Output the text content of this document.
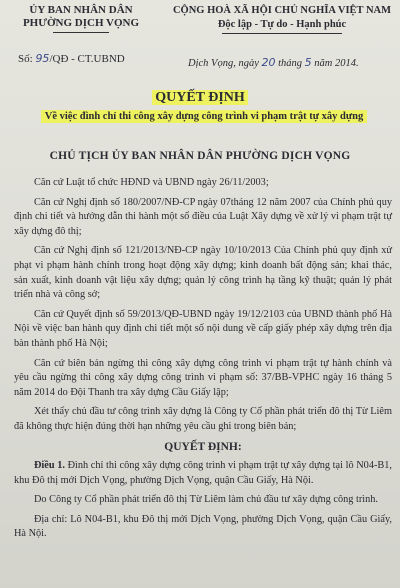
ỦY BAN NHÂN DÂN
PHƯỜNG DỊCH VỌNG
CỘNG HOÀ XÃ HỘI CHỦ NGHĨA VIỆT NAM
Độc lập - Tự do - Hạnh phúc
Số: 95/QĐ - CT.UBND	Dịch Vọng, ngày 20 tháng 5 năm 2014.
QUYẾT ĐỊNH
Về việc đình chỉ thi công xây dựng công trình vi phạm trật tự xây dựng
CHỦ TỊCH ỦY BAN NHÂN DÂN PHƯỜNG DỊCH VỌNG

Căn cứ Luật tổ chức HĐND và UBND ngày 26/11/2003;

Căn cứ Nghị định số 180/2007/NĐ-CP ngày 07tháng 12 năm 2007 của Chính phủ quy định chi tiết và hướng dẫn thi hành một số điều của Luật Xây dựng về xử lý vi phạm trật tự xây dựng đô thị;

Căn cứ Nghị định số 121/2013/NĐ-CP ngày 10/10/2013 Của Chính phủ quy định xử phạt vi phạm hành chính trong hoạt động xây dựng; kinh doanh bất động sản; khai thác, sản xuất, kinh doanh vật liệu xây dựng; quản lý công trình hạ tầng kỹ thuật; quản lý phát triển nhà và công sở;

Căn cứ Quyết định số 59/2013/QĐ-UBND ngày 19/12/2103 của UBND thành phố Hà Nội về việc ban hành quy định chi tiết một số nội dung về cấp giấy phép xây dựng trên địa bàn thành phố Hà Nội;

Căn cứ biên bản ngừng thi công xây dựng công trình vi phạm trật tự hành chính và yêu cầu ngừng thi công xây dựng công trình vi phạm số: 37/BB-VPHC ngày 16 tháng 5 năm 2014 do Đội Thanh tra xây dựng Cầu Giấy lập;

Xét thấy chủ đầu tư công trình xây dựng là Công ty Cổ phần phát triển đô thị Từ Liêm đã không thực hiện đúng thời hạn những yêu cầu ghi trong biên bản;

QUYẾT ĐỊNH:

Điều 1. Đình chỉ thi công xây dựng công trình vi phạm trật tự xây dựng tại lô N04-B1, khu Đô thị mới Dịch Vọng, phường Dịch Vọng, quận Cầu Giấy, Hà Nội.

Do Công ty Cổ phần phát triển đô thị Từ Liêm làm chủ đầu tư xây dựng công trình.

Địa chỉ: Lô N04-B1, khu Đô thị mới Dịch Vọng, phường Dịch Vọng, quận Cầu Giấy, Hà Nội.
